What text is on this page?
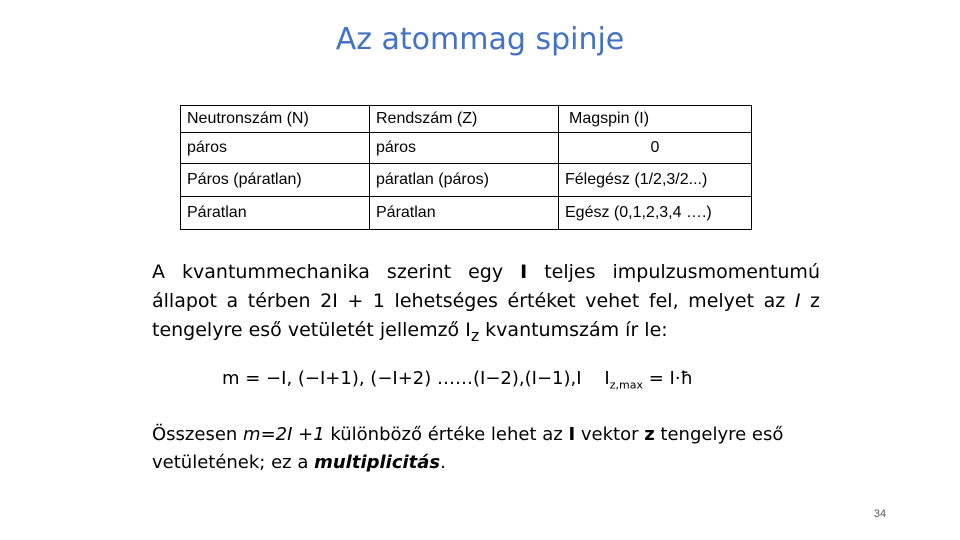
Az atommag spinje
Neutronszám (N)	Rendszám (Z)	Magspin (I)
páros	páros	0
Páros (páratlan)	páratlan (páros)	Félegész (1/2,3/2...)
Páratlan	Páratlan	Egész (0,1,2,3,4 ….)
A kvantummechanika szerint egy I teljes impulzusmomentumú állapot a térben 2I + 1 lehetséges értéket vehet fel, melyet az I z tengelyre eső vetületét jellemző $I_z$ kvantumszám ír le:
m = −I, (−I+1), (−I+2) ……(I−2),(I−1),I $I_{z,max}$ = I·ħ
Összesen m=2I +1 különböző értéke lehet az I vektor z tengelyre eső vetületének; ez a multiplicitás.
34
